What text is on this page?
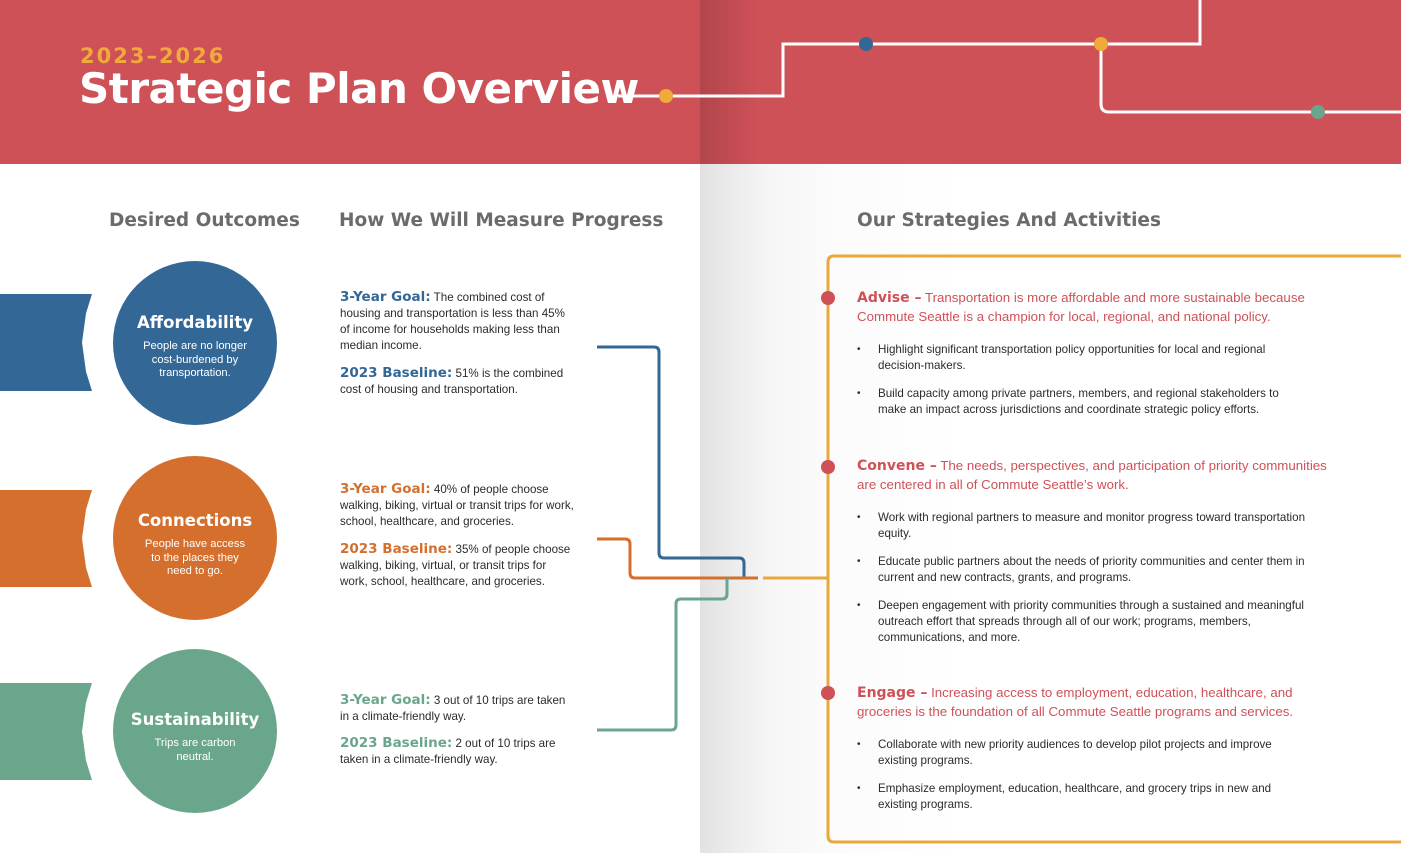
2023–2026
Strategic Plan Overview
Desired Outcomes How We Will Measure Progress	Our Strategies And Activities
Affordability
People are no longer cost-burdened by transportation.
3-Year Goal: The combined cost of housing and transportation is less than 45% of income for households making less than median income.
2023 Baseline: 51% is the combined cost of housing and transportation.
Connections
People have access to the places they need to go.
3-Year Goal: 40% of people choose walking, biking, virtual or transit trips for work, school, healthcare, and groceries.
2023 Baseline: 35% of people choose walking, biking, virtual, or transit trips for work, school, healthcare, and groceries.
Sustainability
Trips are carbon neutral.
3-Year Goal: 3 out of 10 trips are taken in a climate-friendly way.
2023 Baseline: 2 out of 10 trips are taken in a climate-friendly way.
Advise – Transportation is more affordable and more sustainable because Commute Seattle is a champion for local, regional, and national policy.
• Highlight significant transportation policy opportunities for local and regional decision-makers.
• Build capacity among private partners, members, and regional stakeholders to make an impact across jurisdictions and coordinate strategic policy efforts.
Convene – The needs, perspectives, and participation of priority communities are centered in all of Commute Seattle’s work.
• Work with regional partners to measure and monitor progress toward transportation equity.
• Educate public partners about the needs of priority communities and center them in current and new contracts, grants, and programs.
• Deepen engagement with priority communities through a sustained and meaningful outreach effort that spreads through all of our work; programs, members, communications, and more.
Engage – Increasing access to employment, education, healthcare, and groceries is the foundation of all Commute Seattle programs and services.
• Collaborate with new priority audiences to develop pilot projects and improve existing programs.
• Emphasize employment, education, healthcare, and grocery trips in new and existing programs.
